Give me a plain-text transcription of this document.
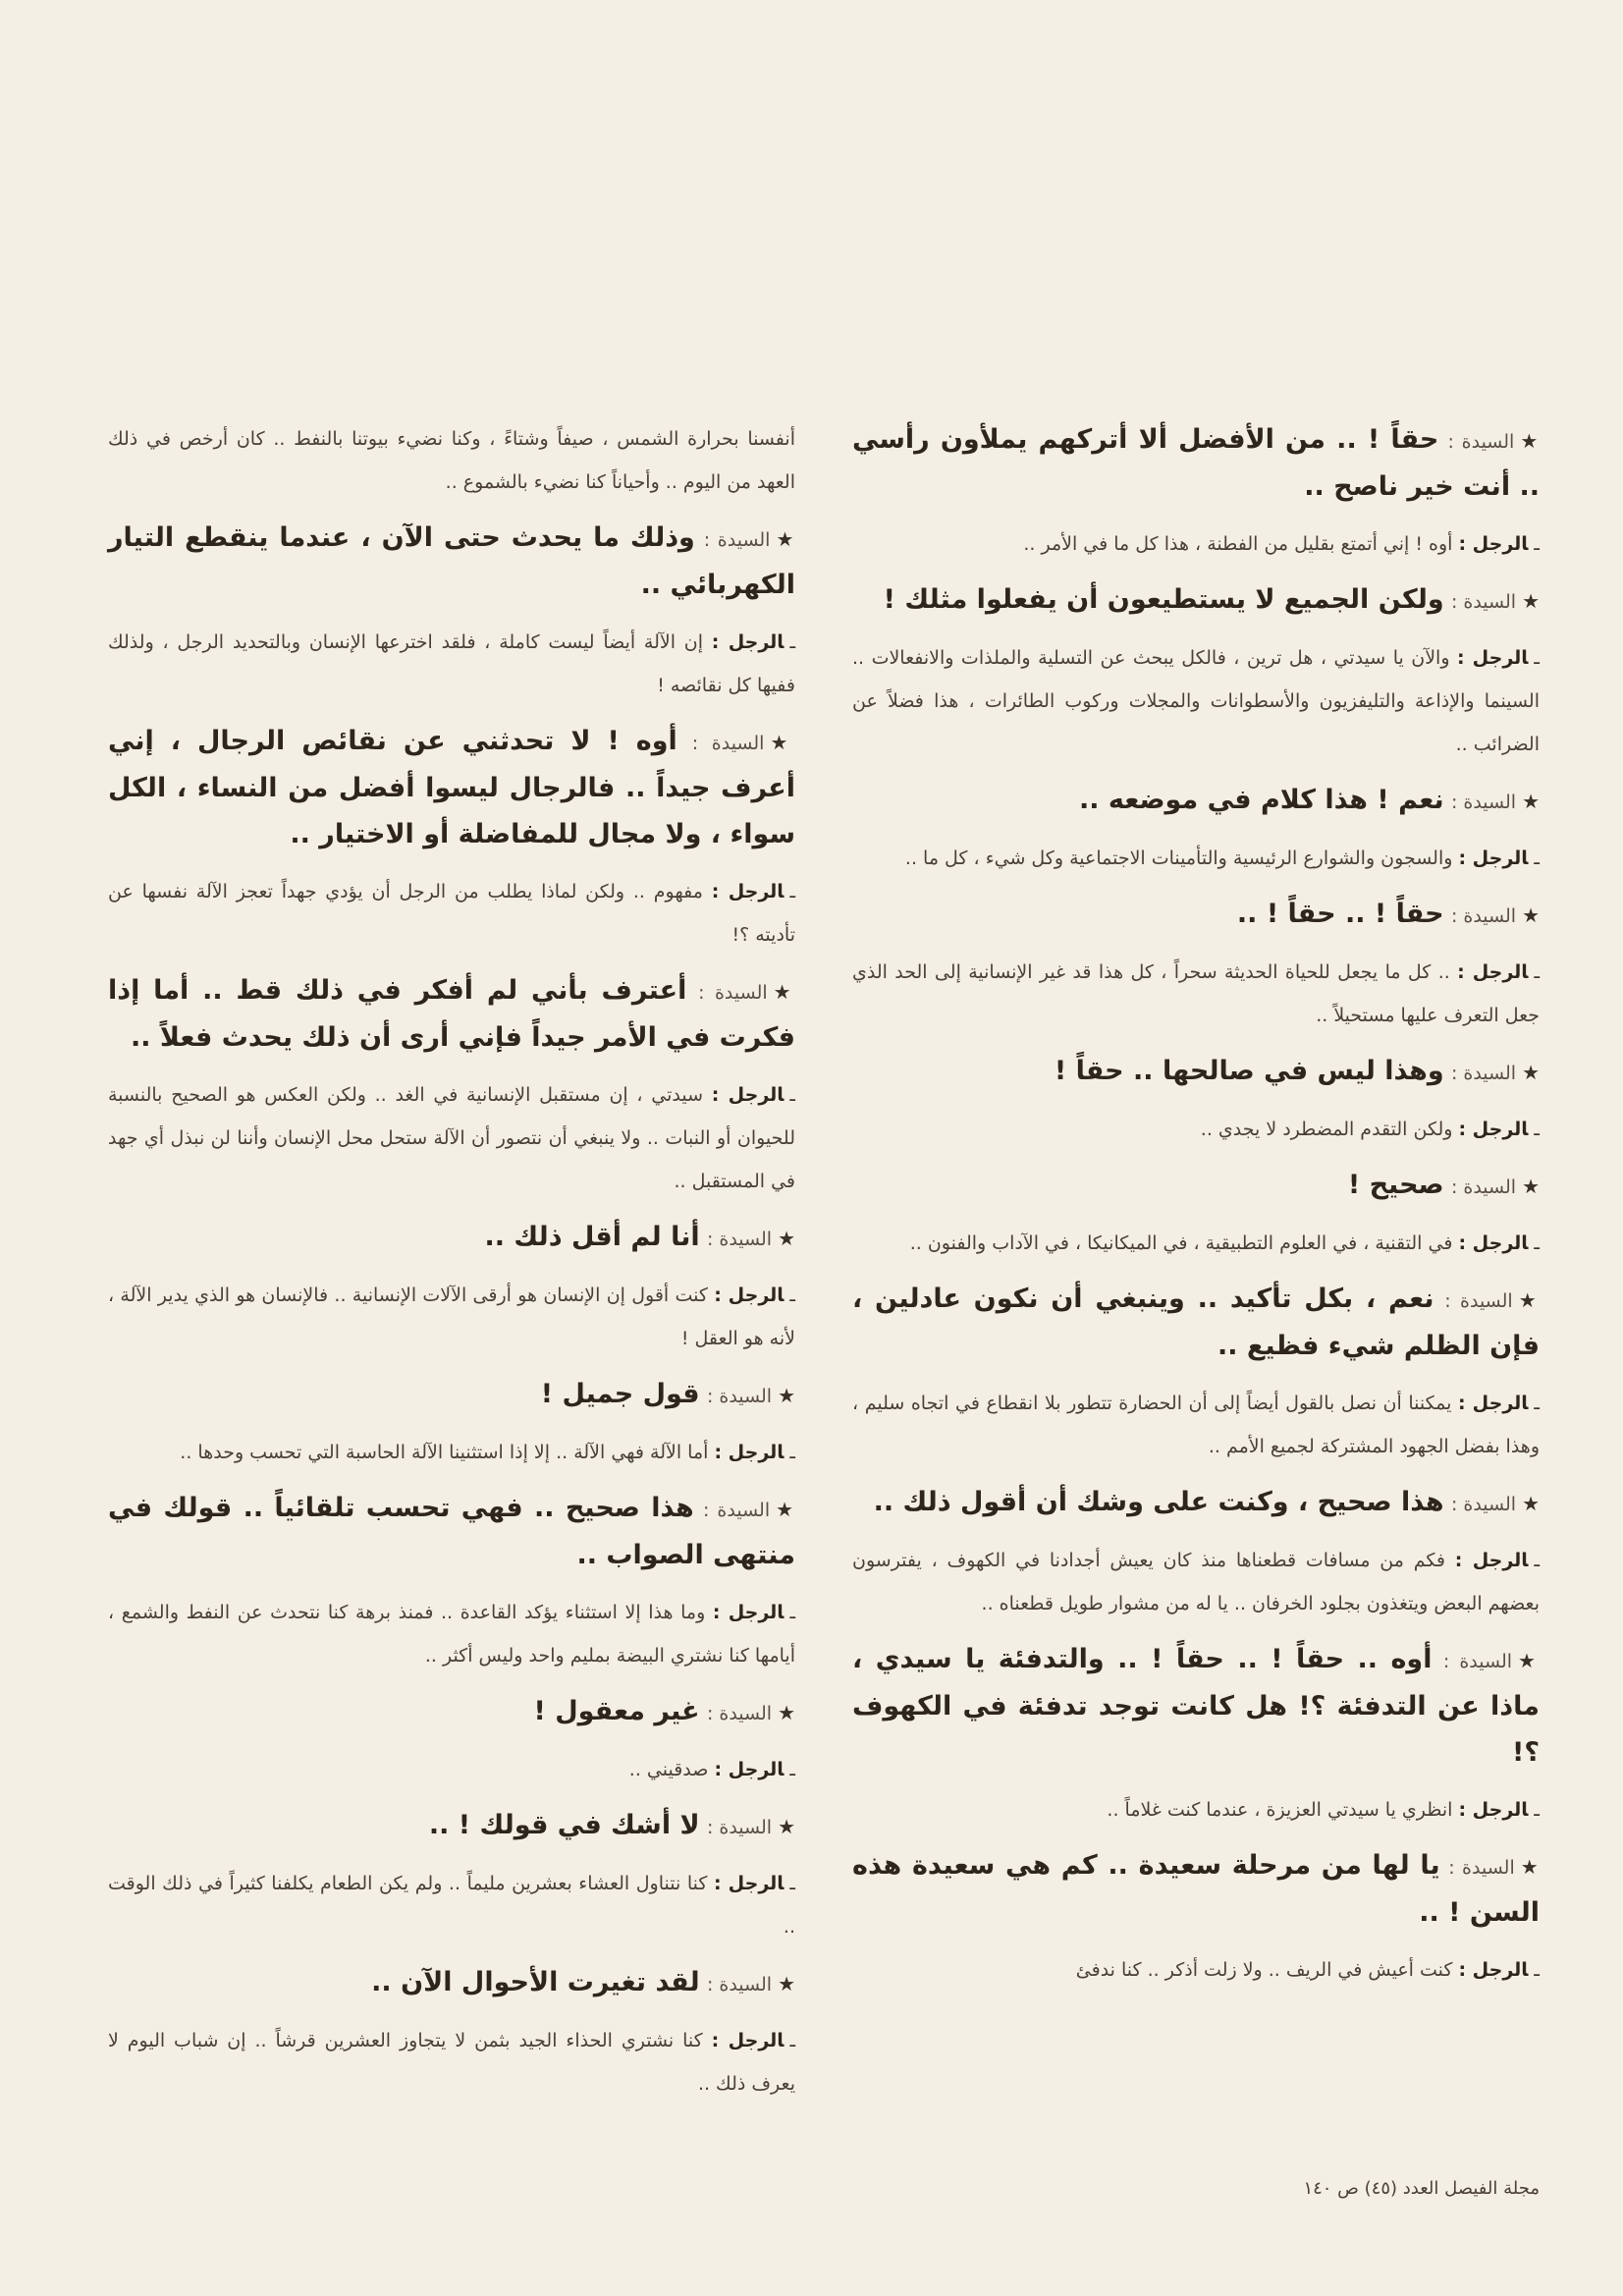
★السيدة : حقاً ! .. من الأفضل ألا أتركهم يملأون رأسي .. أنت خير ناصح ..

ـالرجل : أوه ! إني أتمتع بقليل من الفطنة ، هذا كل ما في الأمر ..

★السيدة : ولكن الجميع لا يستطيعون أن يفعلوا مثلك !

ـالرجل : والآن يا سيدتي ، هل ترين ، فالكل يبحث عن التسلية والملذات والانفعالات .. السينما والإذاعة والتليفزيون والأسطوانات والمجلات وركوب الطائرات ، هذا فضلاً عن الضرائب ..

★السيدة : نعم ! هذا كلام في موضعه ..

ـالرجل : والسجون والشوارع الرئيسية والتأمينات الاجتماعية وكل شيء ، كل ما ..

★السيدة : حقاً ! .. حقاً ! ..

ـالرجل : .. كل ما يجعل للحياة الحديثة سحراً ، كل هذا قد غير الإنسانية إلى الحد الذي جعل التعرف عليها مستحيلاً ..

★السيدة : وهذا ليس في صالحها .. حقاً !

ـالرجل : ولكن التقدم المضطرد لا يجدي ..

★السيدة : صحيح !

ـالرجل : في التقنية ، في العلوم التطبيقية ، في الميكانيكا ، في الآداب والفنون ..

★السيدة : نعم ، بكل تأكيد .. وينبغي أن نكون عادلين ، فإن الظلم شيء فظيع ..

ـالرجل : يمكننا أن نصل بالقول أيضاً إلى أن الحضارة تتطور بلا انقطاع في اتجاه سليم ، وهذا بفضل الجهود المشتركة لجميع الأمم ..

★السيدة : هذا صحيح ، وكنت على وشك أن أقول ذلك ..

ـالرجل : فكم من مسافات قطعناها منذ كان يعيش أجدادنا في الكهوف ، يفترسون بعضهم البعض ويتغذون بجلود الخرفان .. يا له من مشوار طويل قطعناه ..

★السيدة : أوه .. حقاً ! .. حقاً ! .. والتدفئة يا سيدي ، ماذا عن التدفئة ؟! هل كانت توجد تدفئة في الكهوف ؟!

ـالرجل : انظري يا سيدتي العزيزة ، عندما كنت غلاماً ..

★السيدة : يا لها من مرحلة سعيدة .. كم هي سعيدة هذه السن ! ..

ـالرجل : كنت أعيش في الريف .. ولا زلت أذكر .. كنا ندفئ

أنفسنا بحرارة الشمس ، صيفاً وشتاءً ، وكنا نضيء بيوتنا بالنفط .. كان أرخص في ذلك العهد من اليوم .. وأحياناً كنا نضيء بالشموع ..

★السيدة : وذلك ما يحدث حتى الآن ، عندما ينقطع التيار الكهربائي ..

ـالرجل : إن الآلة أيضاً ليست كاملة ، فلقد اخترعها الإنسان وبالتحديد الرجل ، ولذلك ففيها كل نقائصه !

★السيدة : أوه ! لا تحدثني عن نقائص الرجال ، إني أعرف جيداً .. فالرجال ليسوا أفضل من النساء ، الكل سواء ، ولا مجال للمفاضلة أو الاختيار ..

ـالرجل : مفهوم .. ولكن لماذا يطلب من الرجل أن يؤدي جهداً تعجز الآلة نفسها عن تأديته ؟!

★السيدة : أعترف بأني لم أفكر في ذلك قط .. أما إذا فكرت في الأمر جيداً فإني أرى أن ذلك يحدث فعلاً ..

ـالرجل : سيدتي ، إن مستقبل الإنسانية في الغد .. ولكن العكس هو الصحيح بالنسبة للحيوان أو النبات .. ولا ينبغي أن نتصور أن الآلة ستحل محل الإنسان وأننا لن نبذل أي جهد في المستقبل ..

★السيدة : أنا لم أقل ذلك ..

ـالرجل : كنت أقول إن الإنسان هو أرقى الآلات الإنسانية .. فالإنسان هو الذي يدير الآلة ، لأنه هو العقل !

★السيدة : قول جميل !

ـالرجل : أما الآلة فهي الآلة .. إلا إذا استثنينا الآلة الحاسبة التي تحسب وحدها ..

★السيدة : هذا صحيح .. فهي تحسب تلقائياً .. قولك في منتهى الصواب ..

ـالرجل : وما هذا إلا استثناء يؤكد القاعدة .. فمنذ برهة كنا نتحدث عن النفط والشمع ، أيامها كنا نشتري البيضة بمليم واحد وليس أكثر ..

★السيدة : غير معقول !

ـالرجل : صدقيني ..

★السيدة : لا أشك في قولك ! ..

ـالرجل : كنا نتناول العشاء بعشرين مليماً .. ولم يكن الطعام يكلفنا كثيراً في ذلك الوقت ..

★السيدة : لقد تغيرت الأحوال الآن ..

ـالرجل : كنا نشتري الحذاء الجيد بثمن لا يتجاوز العشرين قرشاً .. إن شباب اليوم لا يعرف ذلك ..

مجلة الفيصل العدد (٤٥) ص ١٤٠
